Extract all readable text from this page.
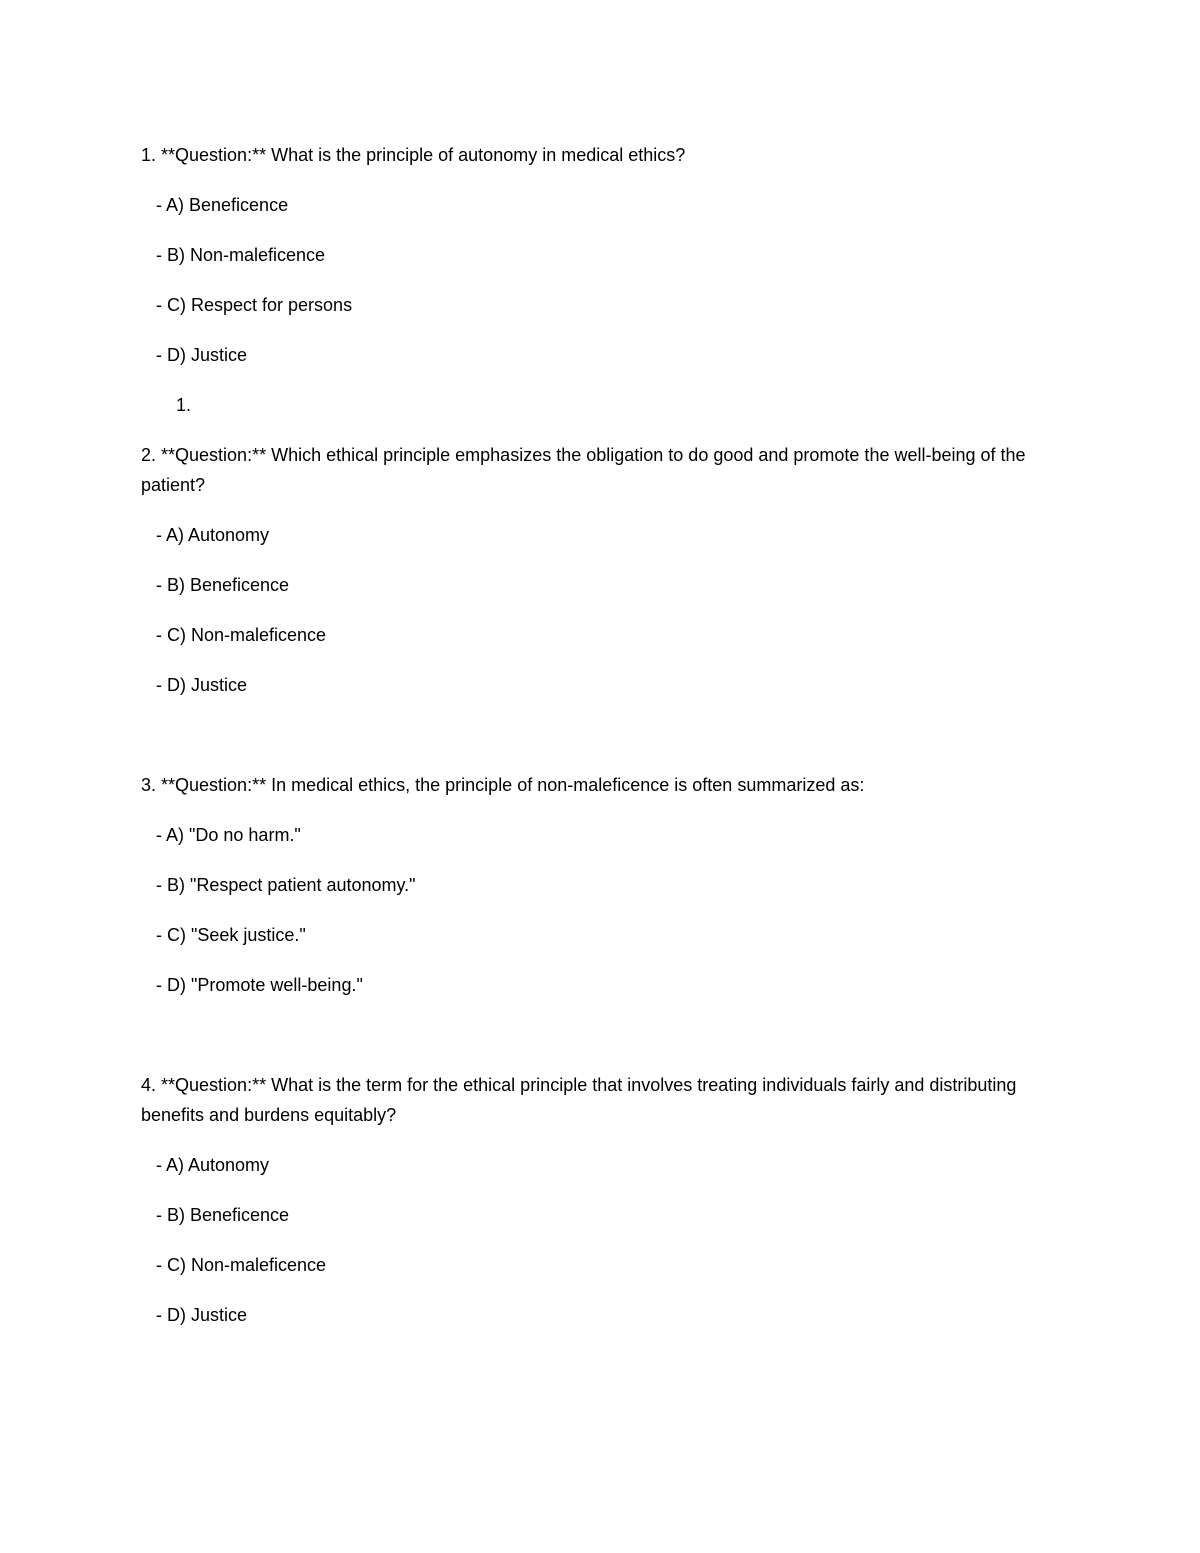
1. **Question:** What is the principle of autonomy in medical ethics?
- A) Beneficence
- B) Non-maleficence
- C) Respect for persons
- D) Justice
1.
2. **Question:** Which ethical principle emphasizes the obligation to do good and promote the well-being of the patient?
- A) Autonomy
- B) Beneficence
- C) Non-maleficence
- D) Justice
3. **Question:** In medical ethics, the principle of non-maleficence is often summarized as:
- A) "Do no harm."
- B) "Respect patient autonomy."
- C) "Seek justice."
- D) "Promote well-being."
4. **Question:** What is the term for the ethical principle that involves treating individuals fairly and distributing benefits and burdens equitably?
- A) Autonomy
- B) Beneficence
- C) Non-maleficence
- D) Justice
